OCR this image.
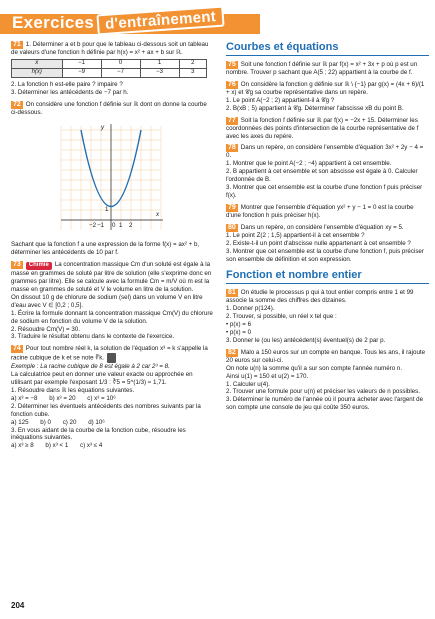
Exercices d'entraînement
71 1. Déterminer a et b pour que le tableau ci-dessous soit un tableau de valeurs d'une fonction h définie par h(x) = x² + ax + b sur ℝ.
x	−1	0	1	2
h(x)	−9	−7	−3	3
2. La fonction h est-elle paire ? impaire ?
3. Déterminer les antécédents de −7 par h.
72 On considère une fonction f définie sur ℝ dont on donne la courbe ci-dessous.
y
x
−2 −1 0 1 2
1
Sachant que la fonction f a une expression de la forme f(x) = ax² + b, déterminer les antécédents de 10 par f.
73 Chimie La concentration massique Cm d'un soluté est égale à la masse en grammes de soluté par litre de solution (elle s'exprime donc en grammes par litre). Elle se calcule avec la formule Cm = m/V où m est la masse en grammes de soluté et V le volume en litre de la solution.
On dissout 10 g de chlorure de sodium (sel) dans un volume V en litre d'eau avec V ∈ [0,2 ; 0,5].
1. Écrire la formule donnant la concentration massique Cm(V) du chlorure de sodium en fonction du volume V de la solution.
2. Résoudre Cm(V) = 30.
3. Traduire le résultat obtenu dans le contexte de l'exercice.
74 Pour tout nombre réel k, la solution de l'équation x³ = k s'appelle la racine cubique de k et se note ∛k.
Exemple : La racine cubique de 8 est égale à 2 car 2³ = 8.
La calculatrice peut en donner une valeur exacte ou approchée en utilisant par exemple l'exposant 1/3 : ∛5 = 5^(1/3) ≈ 1,71.
1. Résoudre dans ℝ les équations suivantes.
a) x³ = −8 b) x³ = 20 c) x³ = 10⁶
2. Déterminer les éventuels antécédents des nombres suivants par la fonction cube.
a) 125 b) 0 c) 20 d) 10⁶
3. En vous aidant de la courbe de la fonction cube, résoudre les inéquations suivantes.
a) x³ ≥ 8 b) x³ < 1 c) x³ ≤ 4
Courbes et équations
75 Soit une fonction f définie sur ℝ par f(x) = x² + 3x + p où p est un nombre. Trouver p sachant que A(5 ; 22) appartient à la courbe de f.
76 On considère la fonction g définie sur ℝ \ {−1} par g(x) = (4x + 6)/(1 + x) et 𝒞g sa courbe représentative dans un repère.
1. Le point A(−2 ; 2) appartient-il à 𝒞g ?
2. B(xB ; 5) appartient à 𝒞g. Déterminer l'abscisse xB du point B.
77 Soit la fonction f définie sur ℝ par f(x) = −2x + 15. Déterminer les coordonnées des points d'intersection de la courbe représentative de f avec les axes du repère.
78 Dans un repère, on considère l'ensemble d'équation 3x² + 2y − 4 = 0.
1. Montrer que le point A(−2 ; −4) appartient à cet ensemble.
2. B appartient à cet ensemble et son abscisse est égale à 0. Calculer l'ordonnée de B.
3. Montrer que cet ensemble est la courbe d'une fonction f puis préciser f(x).
79 Montrer que l'ensemble d'équation yx² + y − 1 = 0 est la courbe d'une fonction h puis préciser h(x).
80 Dans un repère, on considère l'ensemble d'équation xy = 5.
1. Le point Z(2 ; 1,5) appartient-il à cet ensemble ?
2. Existe-t-il un point d'abscisse nulle appartenant à cet ensemble ?
3. Montrer que cet ensemble est la courbe d'une fonction f, puis préciser son ensemble de définition et son expression.
Fonction et nombre entier
81 On étudie le processus p qui à tout entier compris entre 1 et 99 associe la somme des chiffres des dizaines.
1. Donner p(124).
2. Trouver, si possible, un réel x tel que :
• p(x) = 6
• p(x) = 0
3. Donner le (ou les) antécédent(s) éventuel(s) de 2 par p.
82 Malo a 150 euros sur un compte en banque. Tous les ans, il rajoute 20 euros sur celui-ci.
On note u(n) la somme qu'il a sur son compte l'année numéro n.
Ainsi u(1) = 150 et u(2) = 170.
1. Calculer u(4).
2. Trouver une formule pour u(n) et préciser les valeurs de n possibles.
3. Déterminer le numéro de l'année où il pourra acheter avec l'argent de son compte une console de jeu qui coûte 350 euros.
204
